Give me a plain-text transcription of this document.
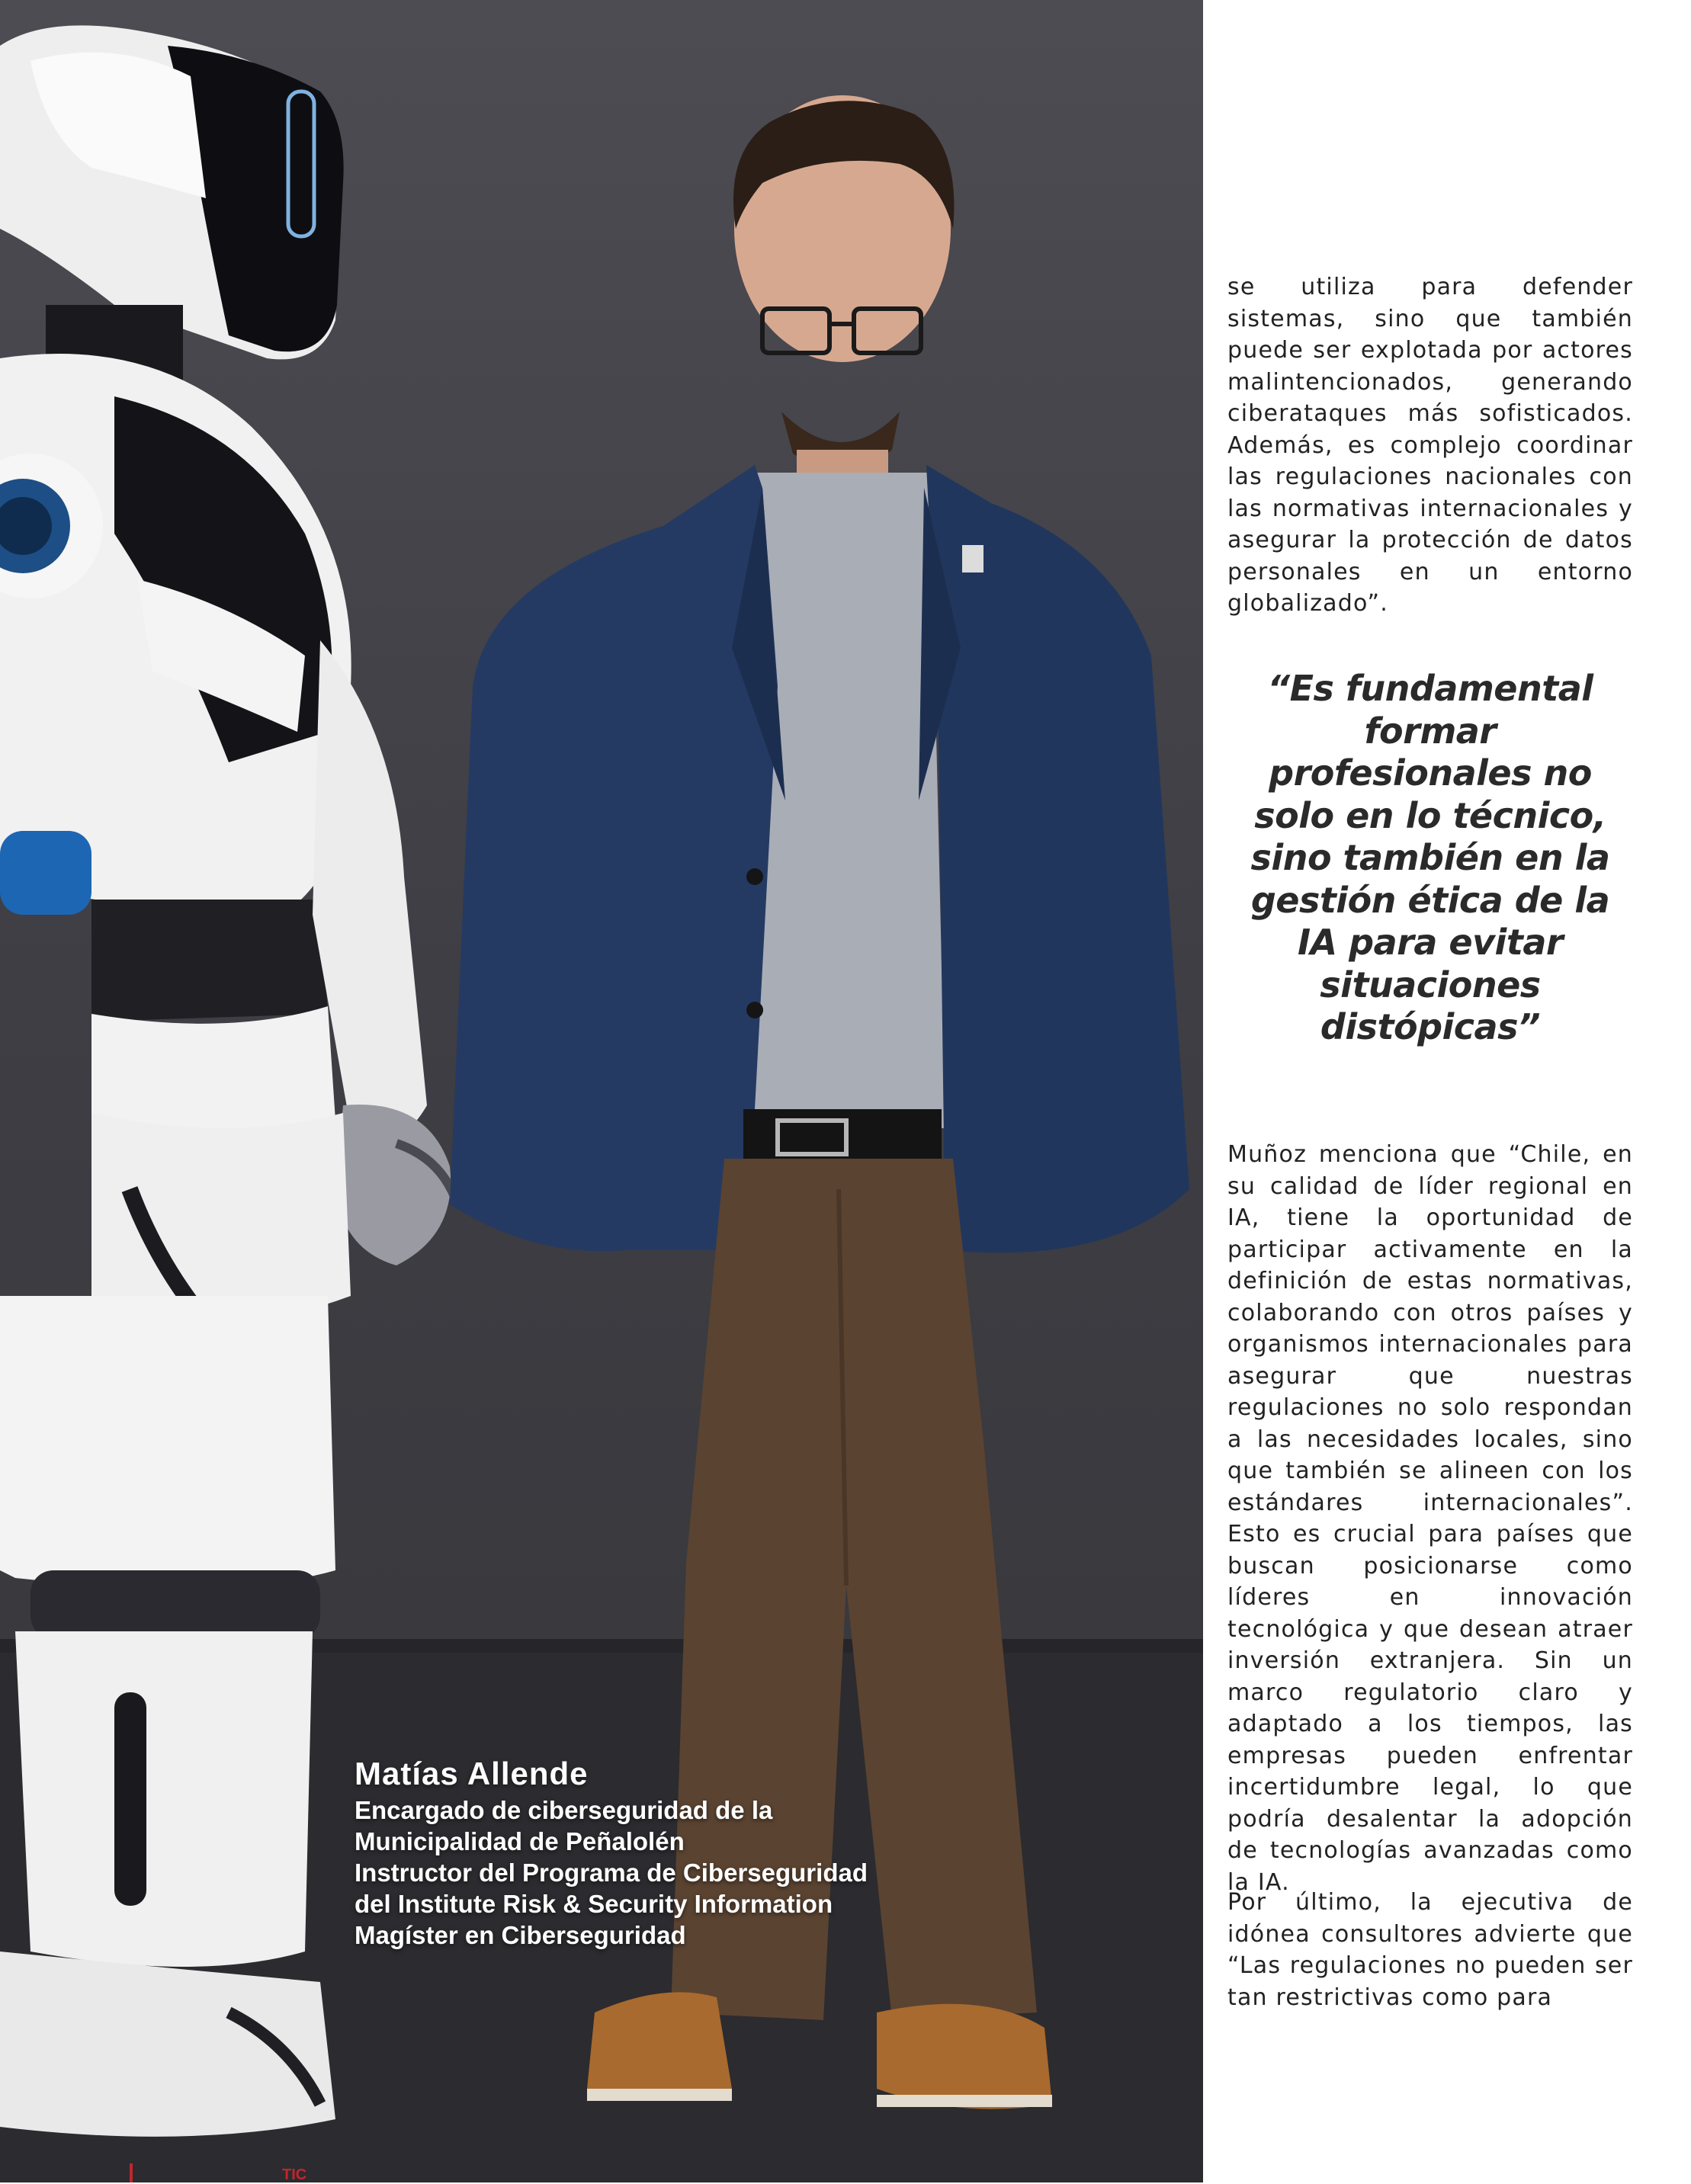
Matías Allende
Encargado de ciberseguridad de la
Municipalidad de Peñalolén
Instructor del Programa de Ciberseguridad
del Institute Risk & Security Information
Magíster en Ciberseguridad
TIC

se utiliza para defender sistemas, sino que también puede ser explotada por actores malintencionados, generando ciberataques más sofisticados. Además, es complejo coordinar las regulaciones nacionales con las normativas internacionales y asegurar la protección de datos personales en un entorno globalizado”.

“Es fundamental formar profesionales no solo en lo técnico, sino también en la gestión ética de la IA para evitar situaciones distópicas”

Muñoz menciona que “Chile, en su calidad de líder regional en IA, tiene la oportunidad de participar activamente en la definición de estas normativas, colaborando con otros países y organismos internacionales para asegurar que nuestras regulaciones no solo respondan a las necesidades locales, sino que también se alineen con los estándares internacionales”. Esto es crucial para países que buscan posicionarse como líderes en innovación tecnológica y que desean atraer inversión extranjera. Sin un marco regulatorio claro y adaptado a los tiempos, las empresas pueden enfrentar incertidumbre legal, lo que podría desalentar la adopción de tecnologías avanzadas como la IA.

Por último, la ejecutiva de idónea consultores advierte que “Las regulaciones no pueden ser tan restrictivas como para
